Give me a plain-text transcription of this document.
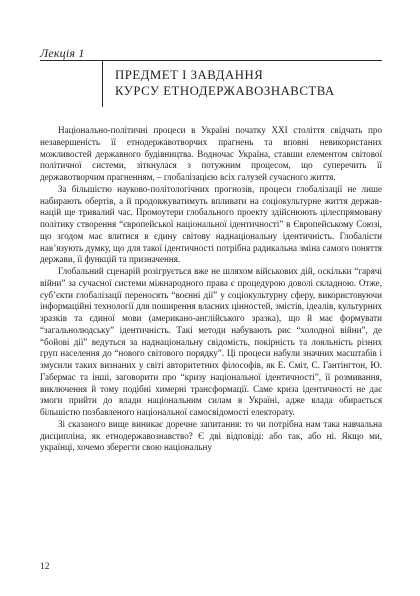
Лекція 1
ПРЕДМЕТ І ЗАВДАННЯ
КУРСУ ЕТНОДЕРЖАВОЗНАВСТВА

Національно-політичні процеси в Україні початку XXI століття свідчать про незавершеність її етнодержавотворчих прагнень та вповні невикористаних можливостей державного будівництва. Водночас Україна, ставши елементом світової політичної системи, зіткнулася з потужним процесом, що суперечить її державотворчим прагненням, – глобалізацією всіх галузей сучасного життя.

За більшістю науково-політологічних прогнозів, процеси глобалізації не лише набирають обертів, а й продовжуватимуть впливати на соціокультурне життя держав-націй ще тривалий час. Промоутери глобального проекту здійснюють цілеспрямовану політику створення “європейської національної ідентичності” в Європейському Союзі, що згодом має влитися в єдину світову наднаціональну ідентичність. Глобалісти нав’язують думку, що для такої ідентичності потрібна радикальна зміна самого поняття держави, її функцій та призначення.

Глобальний сценарій розігрується вже не шляхом військових дій, оскільки “гарячі війни” за сучасної системи міжнародного права є процедурою доволі складною. Отже, суб’єкти глобалізації переносять “воєнні дії” у соціокультурну сферу, використовуючи інформаційні технології для поширення власних цінностей, змістів, ідеалів, культурних зразків та єдиної мови (американо-англійського зразка), що й має формувати “загальнолюдську” ідентичність. Такі методи набувають рис “холодної війни”, де “бойові дії” ведуться за наднаціональну свідомість, покірність та лояльність різних груп населення до “нового світового порядку”. Ці процеси набули значних масштабів і змусили таких визнаних у світі авторитетних філософів, як Е. Сміт, С. Гантінгтон, Ю. Габермас та інші, заговорити про “кризу національної ідентичності”, її розмивання, виключення й тому подібні химерні трансформації. Саме криза ідентичності не дає змоги прийти до влади національним силам в Україні, адже влада обирається більшістю позбавленого національної самосвідомості електорату.

Зі сказаного вище виникає доречне запитання: то чи потрібна нам така навчальна дисципліна, як етнодержавознавство? Є дві відповіді: або так, або ні. Якщо ми, українці, хочемо зберегти свою національну

12
